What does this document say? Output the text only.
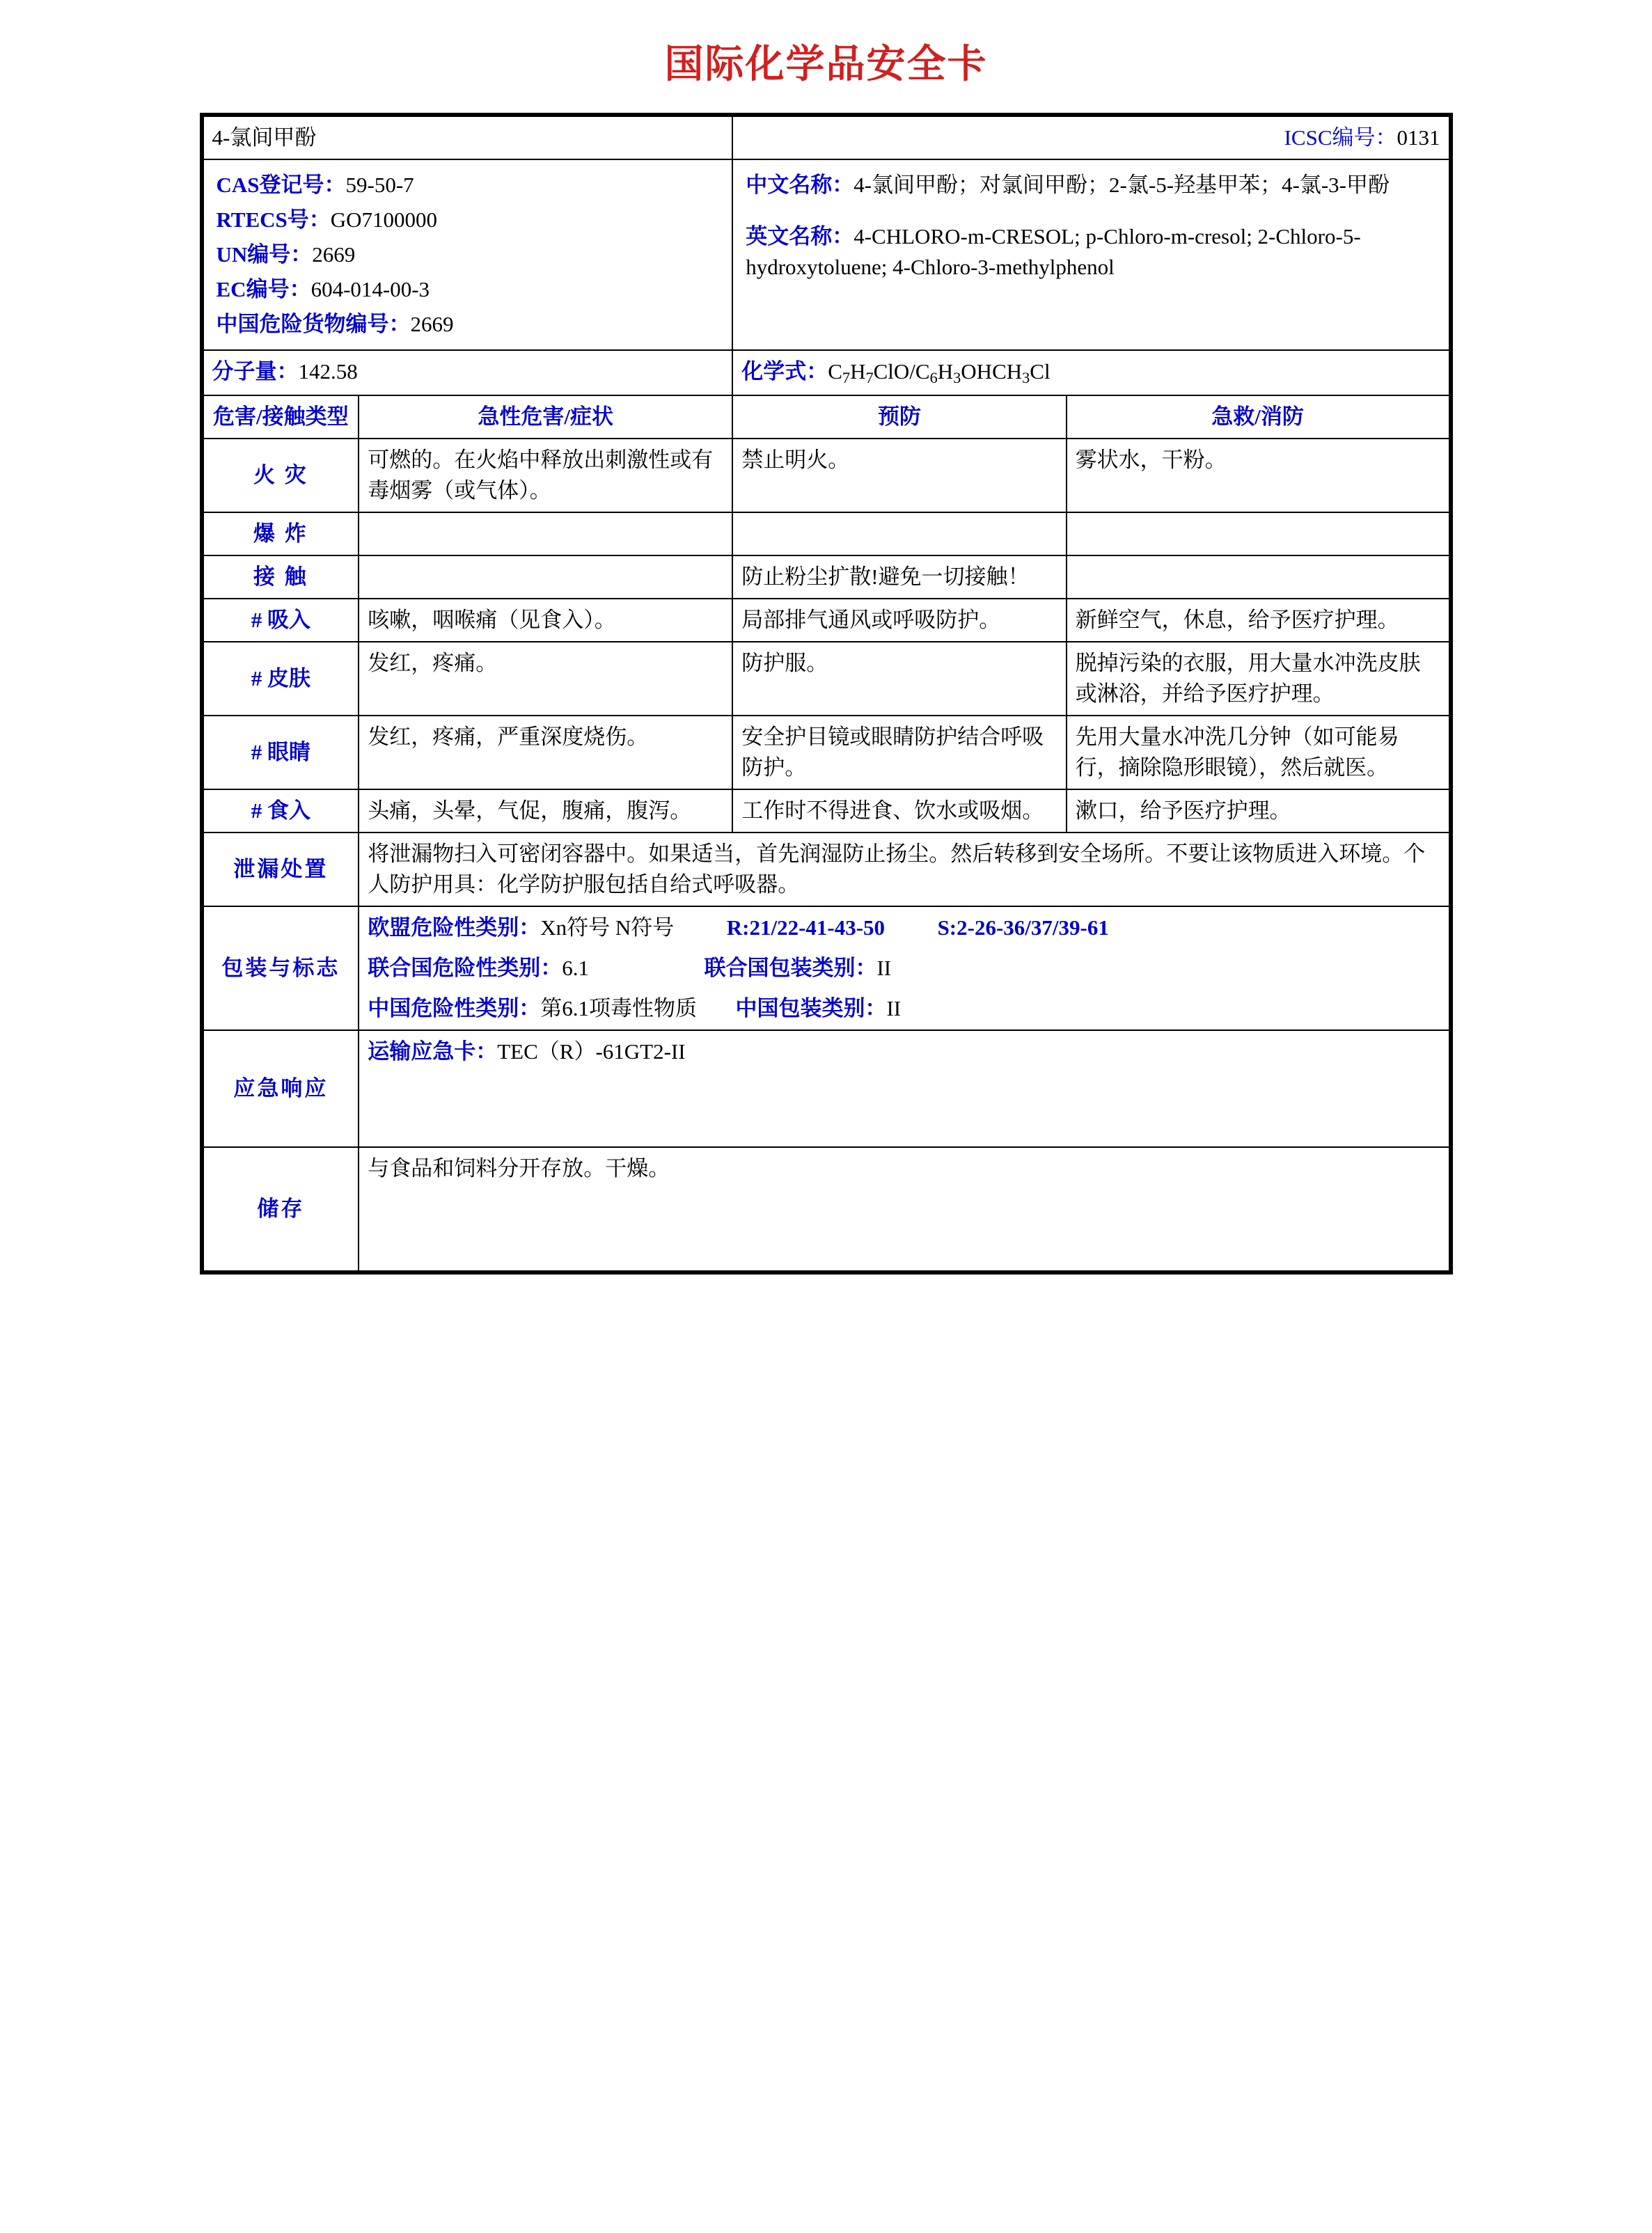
国际化学品安全卡
4-氯间甲酚		ICSC编号：0131	

CAS登记号：59-50-7

RTECS号：GO7100000

UN编号：2669

EC编号：604-014-00-3

中国危险货物编号：2669

中文名称：4-氯间甲酚；对氯间甲酚；2-氯-5-羟基甲苯；4-氯-3-甲酚

英文名称：4-CHLORO-m-CRESOL; p-Chloro-m-cresol; 2-Chloro-5-hydroxytoluene; 4-Chloro-3-methylphenol

分子量：142.58		化学式：$C_7H_7ClO/C_6H_3OHCH_3Cl$	
危害/接触类型	急性危害/症状	预防	急救/消防
火 灾	可燃的。在火焰中释放出刺激性或有毒烟雾（或气体）。	禁止明火。	雾状水，干粉。
爆 炸			
接 触		防止粉尘扩散!避免一切接触！	
# 吸入	咳嗽，咽喉痛（见食入）。	局部排气通风或呼吸防护。	新鲜空气，休息，给予医疗护理。
# 皮肤	发红，疼痛。	防护服。	脱掉污染的衣服，用大量水冲洗皮肤或淋浴，并给予医疗护理。
# 眼睛	发红，疼痛，严重深度烧伤。	安全护目镜或眼睛防护结合呼吸防护。	先用大量水冲洗几分钟（如可能易行，摘除隐形眼镜），然后就医。
# 食入	头痛，头晕，气促，腹痛，腹泻。	工作时不得进食、饮水或吸烟。	漱口，给予医疗护理。
泄漏处置	将泄漏物扫入可密闭容器中。如果适当，首先润湿防止扬尘。然后转移到安全场所。不要让该物质进入环境。个人防护用具：化学防护服包括自给式呼吸器。		
包装与标志	欧盟危险性类别：Xn符号 N符号 R:21/22-41-43-50 S:2-26-36/37/39-61

联合国危险性类别：6.1 联合国包装类别：II

中国危险性类别：第6.1项毒性物质 中国包装类别：II		

应急响应	运输应急卡：TEC（R）-61GT2-II		
储存	与食品和饲料分开存放。干燥。		
